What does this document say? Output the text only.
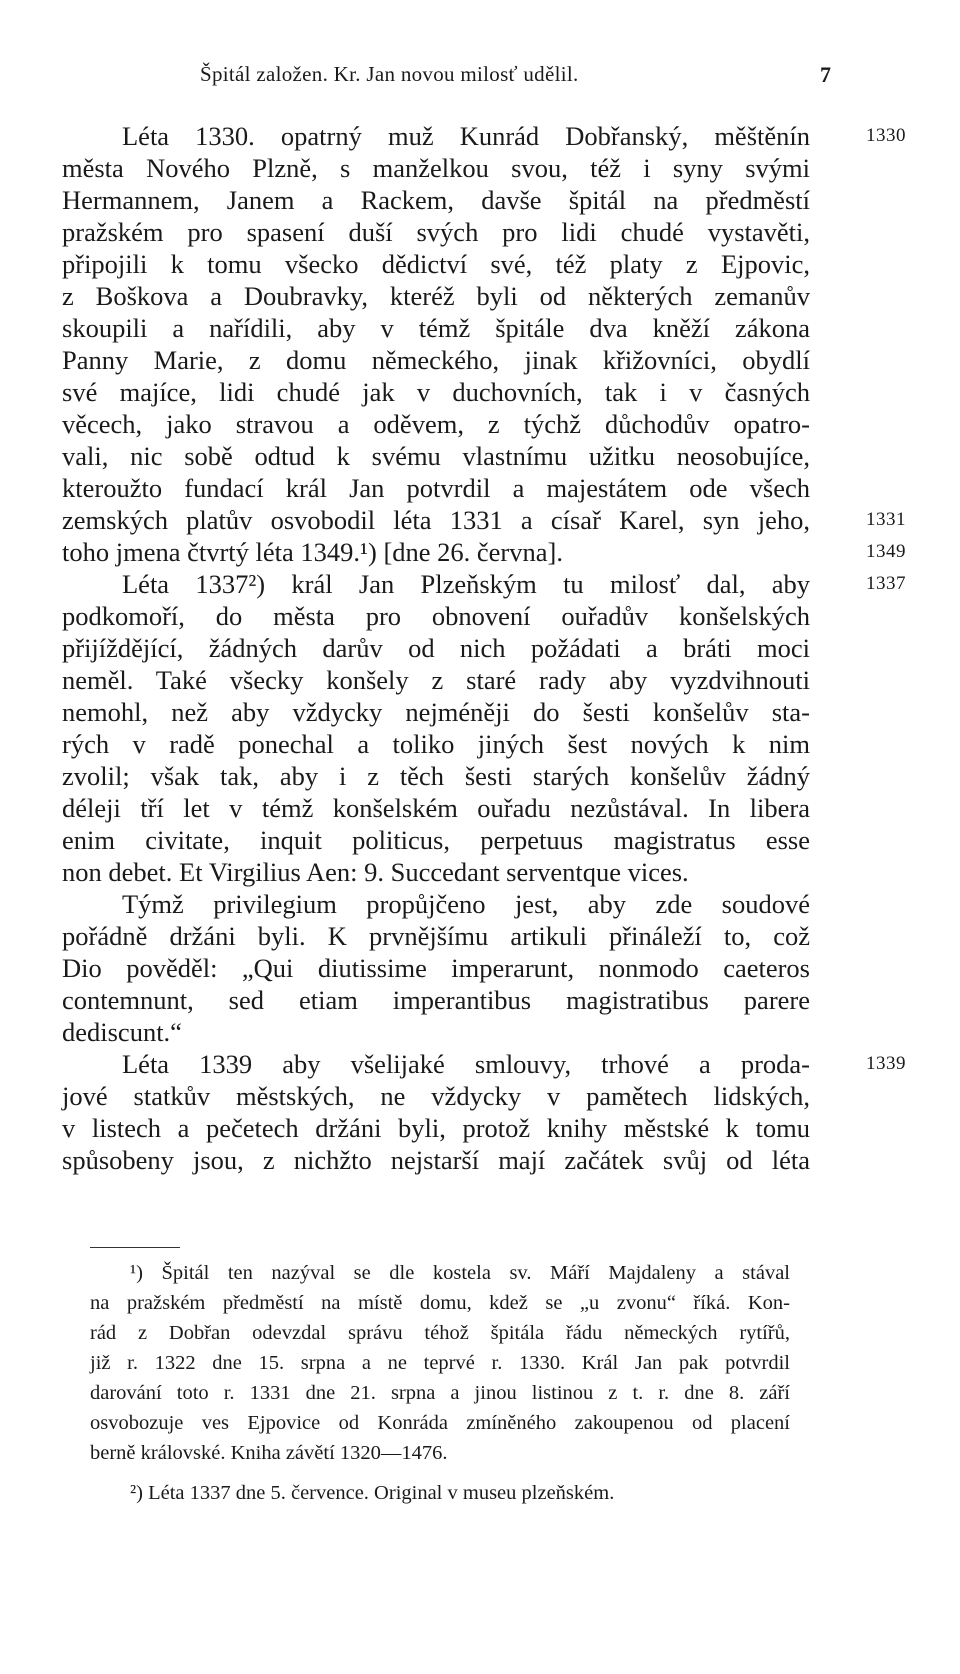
Špitál založen. Kr. Jan novou milosť udělil.	7
Léta 1330. opatrný muž Kunrád Dobřanský, měštěnín
města Nového Plzně, s manželkou svou, též i syny svými
Hermannem, Janem a Rackem, davše špitál na předměstí
pražském pro spasení duší svých pro lidi chudé vystavěti,
připojili k tomu všecko dědictví své, též platy z Ejpovic,
z Boškova a Doubravky, kteréž byli od některých zemanův
skoupili a nařídili, aby v témž špitále dva kněží zákona
Panny Marie, z domu německého, jinak křižovníci, obydlí
své majíce, lidi chudé jak v duchovních, tak i v časných
věcech, jako stravou a oděvem, z týchž důchodův opatro-
vali, nic sobě odtud k svému vlastnímu užitku neosobujíce,
kteroužto fundací král Jan potvrdil a majestátem ode všech
zemských platův osvobodil léta 1331 a císař Karel, syn jeho,
toho jmena čtvrtý léta 1349.¹) [dne 26. června].
Léta 1337²) král Jan Plzeňským tu milosť dal, aby
podkomoří, do města pro obnovení ouřadův konšelských
přijíždějící, žádných darův od nich požádati a bráti moci
neměl. Také všecky konšely z staré rady aby vyzdvihnouti
nemohl, než aby vždycky nejméněji do šesti konšelův sta-
rých v radě ponechal a toliko jiných šest nových k nim
zvolil; však tak, aby i z těch šesti starých konšelův žádný
déleji tří let v témž konšelském ouřadu nezůstával. In libera
enim civitate, inquit politicus, perpetuus magistratus esse
non debet. Et Virgilius Aen: 9. Succedant serventque vices.
Týmž privilegium propůjčeno jest, aby zde soudové
pořádně držáni byli. K prvnějšímu artikuli přináleží to, což
Dio pověděl: „Qui diutissime imperarunt, nonmodo caeteros
contemnunt, sed etiam imperantibus magistratibus parere
dediscunt.“
Léta 1339 aby všelijaké smlouvy, trhové a proda-
jové statkův městských, ne vždycky v pamětech lidských,
v listech a pečetech držáni byli, protož knihy městské k tomu
spůsobeny jsou, z nichžto nejstarší mají začátek svůj od léta
1330
1331
1349
1337
1339
¹) Špitál ten nazýval se dle kostela sv. Máří Majdaleny a stával
na pražském předměstí na místě domu, kdež se „u zvonu“ říká. Kon-
rád z Dobřan odevzdal správu téhož špitála řádu německých rytířů,
již r. 1322 dne 15. srpna a ne teprvé r. 1330. Král Jan pak potvrdil
darování toto r. 1331 dne 21. srpna a jinou listinou z t. r. dne 8. září
osvobozuje ves Ejpovice od Konráda zmíněného zakoupenou od placení
berně královské. Kniha závětí 1320—1476.
²) Léta 1337 dne 5. července. Original v museu plzeňském.
